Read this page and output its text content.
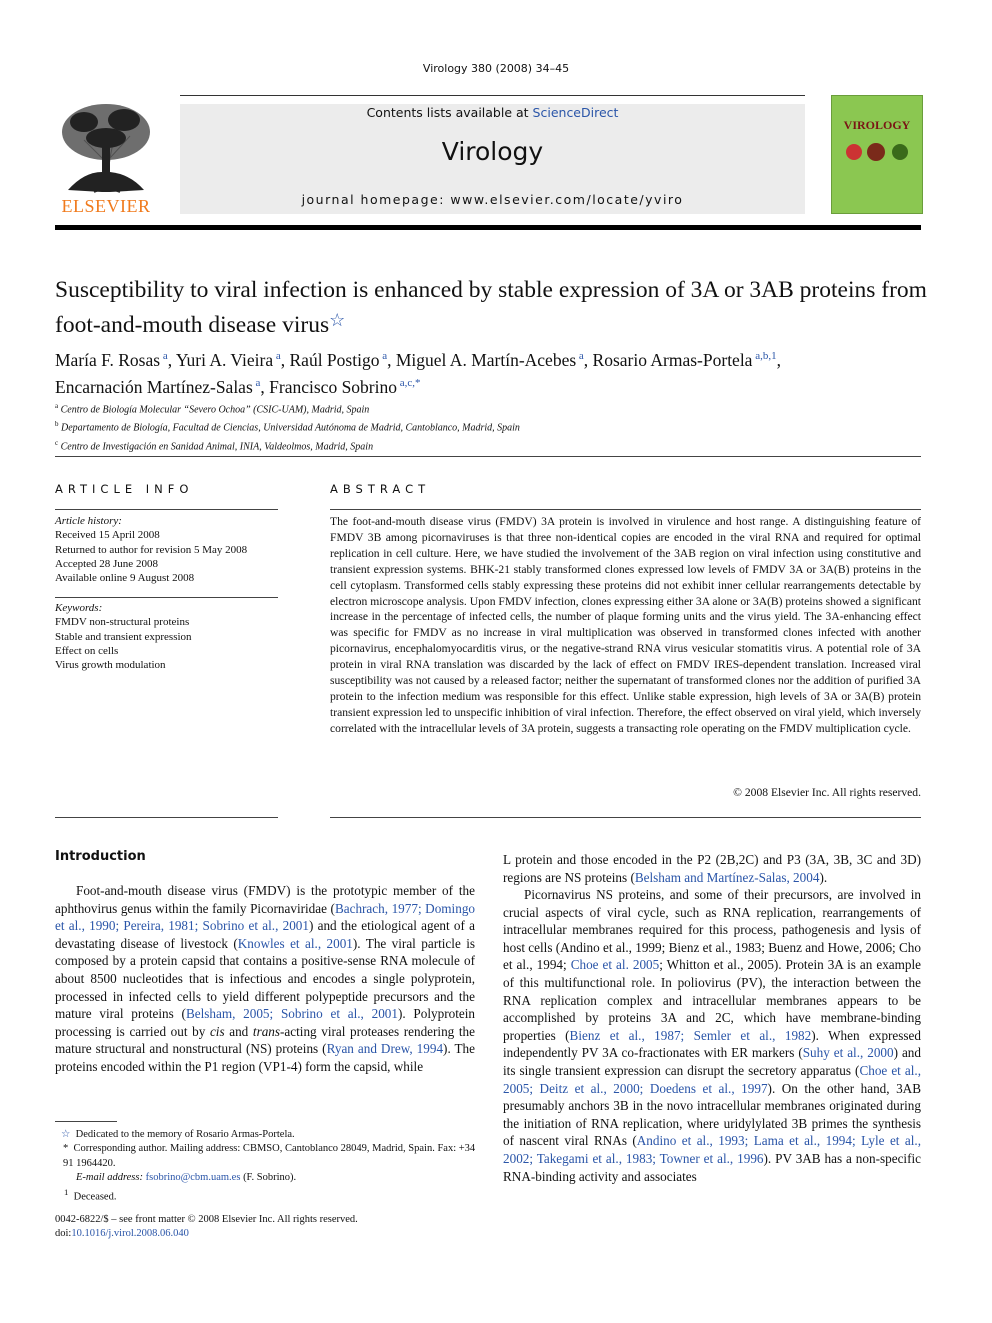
Virology 380 (2008) 34–45
ELSEVIER
Contents lists available at ScienceDirect
Virology
journal homepage: www.elsevier.com/locate/yviro
VIROLOGY
Susceptibility to viral infection is enhanced by stable expression of 3A or 3AB proteins from foot-and-mouth disease virus☆
María F. Rosas $^a$, Yuri A. Vieira $^a$, Raúl Postigo $^a$, Miguel A. Martín-Acebes $^a$, Rosario Armas-Portela $^{a,b,1}$,
Encarnación Martínez-Salas $^a$, Francisco Sobrino $^{a,c,*}$
$^a$ Centro de Biología Molecular “Severo Ochoa” (CSIC-UAM), Madrid, Spain
$^b$ Departamento de Biología, Facultad de Ciencias, Universidad Autónoma de Madrid, Cantoblanco, Madrid, Spain
$^c$ Centro de Investigación en Sanidad Animal, INIA, Valdeolmos, Madrid, Spain
ARTICLE INFO	ABSTRACT
Article history:
Received 15 April 2008
Returned to author for revision 5 May 2008
Accepted 28 June 2008
Available online 9 August 2008
Keywords:
FMDV non-structural proteins
Stable and transient expression
Effect on cells
Virus growth modulation
The foot-and-mouth disease virus (FMDV) 3A protein is involved in virulence and host range. A distinguishing feature of FMDV 3B among picornaviruses is that three non-identical copies are encoded in the viral RNA and required for optimal replication in cell culture. Here, we have studied the involvement of the 3AB region on viral infection using constitutive and transient expression systems. BHK-21 stably transformed clones expressed low levels of FMDV 3A or 3A(B) proteins in the cell cytoplasm. Transformed cells stably expressing these proteins did not exhibit inner cellular rearrangements detectable by electron microscope analysis. Upon FMDV infection, clones expressing either 3A alone or 3A(B) proteins showed a significant increase in the percentage of infected cells, the number of plaque forming units and the virus yield. The 3A-enhancing effect was specific for FMDV as no increase in viral multiplication was observed in transformed clones infected with another picornavirus, encephalomyocarditis virus, or the negative-strand RNA virus vesicular stomatitis virus. A potential role of 3A protein in viral RNA translation was discarded by the lack of effect on FMDV IRES-dependent translation. Increased viral susceptibility was not caused by a released factor; neither the supernatant of transformed clones nor the addition of purified 3A protein to the infection medium was responsible for this effect. Unlike stable expression, high levels of 3A or 3A(B) protein transient expression led to unspecific inhibition of viral infection. Therefore, the effect observed on viral yield, which inversely correlated with the intracellular levels of 3A protein, suggests a transacting role operating on the FMDV multiplication cycle.
© 2008 Elsevier Inc. All rights reserved.
Introduction
Foot-and-mouth disease virus (FMDV) is the prototypic member of the aphthovirus genus within the family Picornaviridae (Bachrach, 1977; Domingo et al., 1990; Pereira, 1981; Sobrino et al., 2001) and the etiological agent of a devastating disease of livestock (Knowles et al., 2001). The viral particle is composed by a protein capsid that contains a positive-sense RNA molecule of about 8500 nucleotides that is infectious and encodes a single polyprotein, processed in infected cells to yield different polypeptide precursors and the mature viral proteins (Belsham, 2005; Sobrino et al., 2001). Polyprotein processing is carried out by cis and trans-acting viral proteases rendering the mature structural and nonstructural (NS) proteins (Ryan and Drew, 1994). The proteins encoded within the P1 region (VP1-4) form the capsid, while
L protein and those encoded in the P2 (2B,2C) and P3 (3A, 3B, 3C and 3D) regions are NS proteins (Belsham and Martínez-Salas, 2004).
Picornavirus NS proteins, and some of their precursors, are involved in crucial aspects of viral cycle, such as RNA replication, rearrangements of intracellular membranes required for this process, pathogenesis and lysis of host cells (Andino et al., 1999; Bienz et al., 1983; Buenz and Howe, 2006; Cho et al., 1994; Choe et al. 2005; Whitton et al., 2005). Protein 3A is an example of this multifunctional role. In poliovirus (PV), the interaction between the RNA replication complex and intracellular membranes appears to be accomplished by proteins 3A and 2C, which have membrane-binding properties (Bienz et al., 1987; Semler et al., 1982). When expressed independently PV 3A co-fractionates with ER markers (Suhy et al., 2000) and its single transient expression can disrupt the secretory apparatus (Choe et al., 2005; Deitz et al., 2000; Doedens et al., 1997). On the other hand, 3AB presumably anchors 3B in the novo intracellular membranes originated during the initiation of RNA replication, where uridylylated 3B primes the synthesis of nascent viral RNAs (Andino et al., 1993; Lama et al., 1994; Lyle et al., 2002; Takegami et al., 1983; Towner et al., 1996). PV 3AB has a non-specific RNA-binding activity and associates
☆ Dedicated to the memory of Rosario Armas-Portela.
* Corresponding author. Mailing address: CBMSO, Cantoblanco 28049, Madrid, Spain. Fax: +34 91 1964420.
E-mail address: fsobrino@cbm.uam.es (F. Sobrino).
$^1$ Deceased.
0042-6822/$ – see front matter © 2008 Elsevier Inc. All rights reserved.
doi:10.1016/j.virol.2008.06.040
